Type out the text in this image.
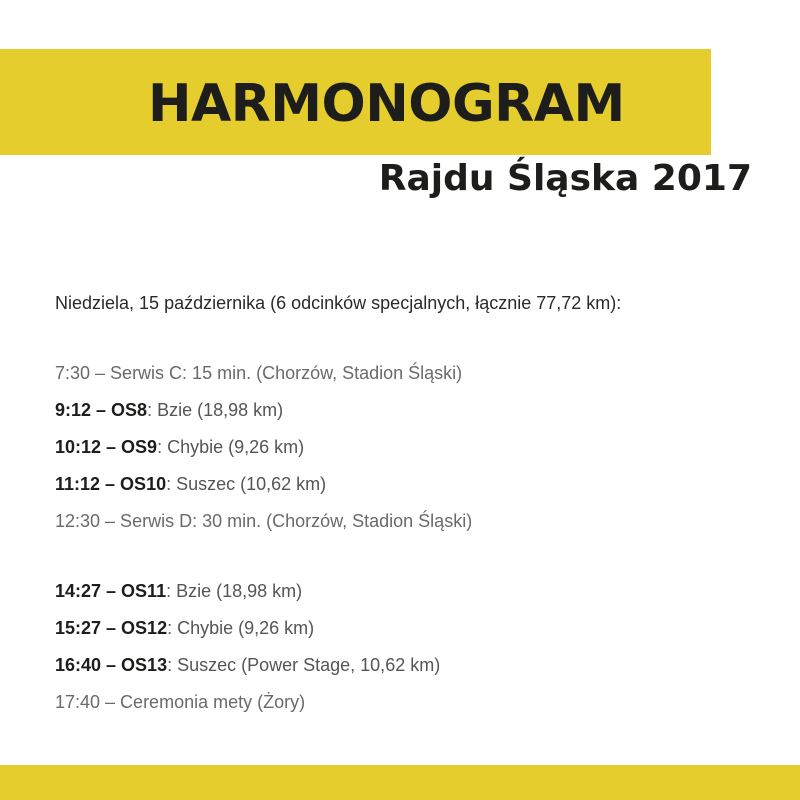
HARMONOGRAM
Rajdu Śląska 2017
Niedziela, 15 października (6 odcinków specjalnych, łącznie 77,72 km):
7:30 – Serwis C: 15 min. (Chorzów, Stadion Śląski)
9:12 – OS8: Bzie (18,98 km)
10:12 – OS9: Chybie (9,26 km)
11:12 – OS10: Suszec (10,62 km)
12:30 – Serwis D: 30 min. (Chorzów, Stadion Śląski)
14:27 – OS11: Bzie (18,98 km)
15:27 – OS12: Chybie (9,26 km)
16:40 – OS13: Suszec (Power Stage, 10,62 km)
17:40 – Ceremonia mety (Żory)
